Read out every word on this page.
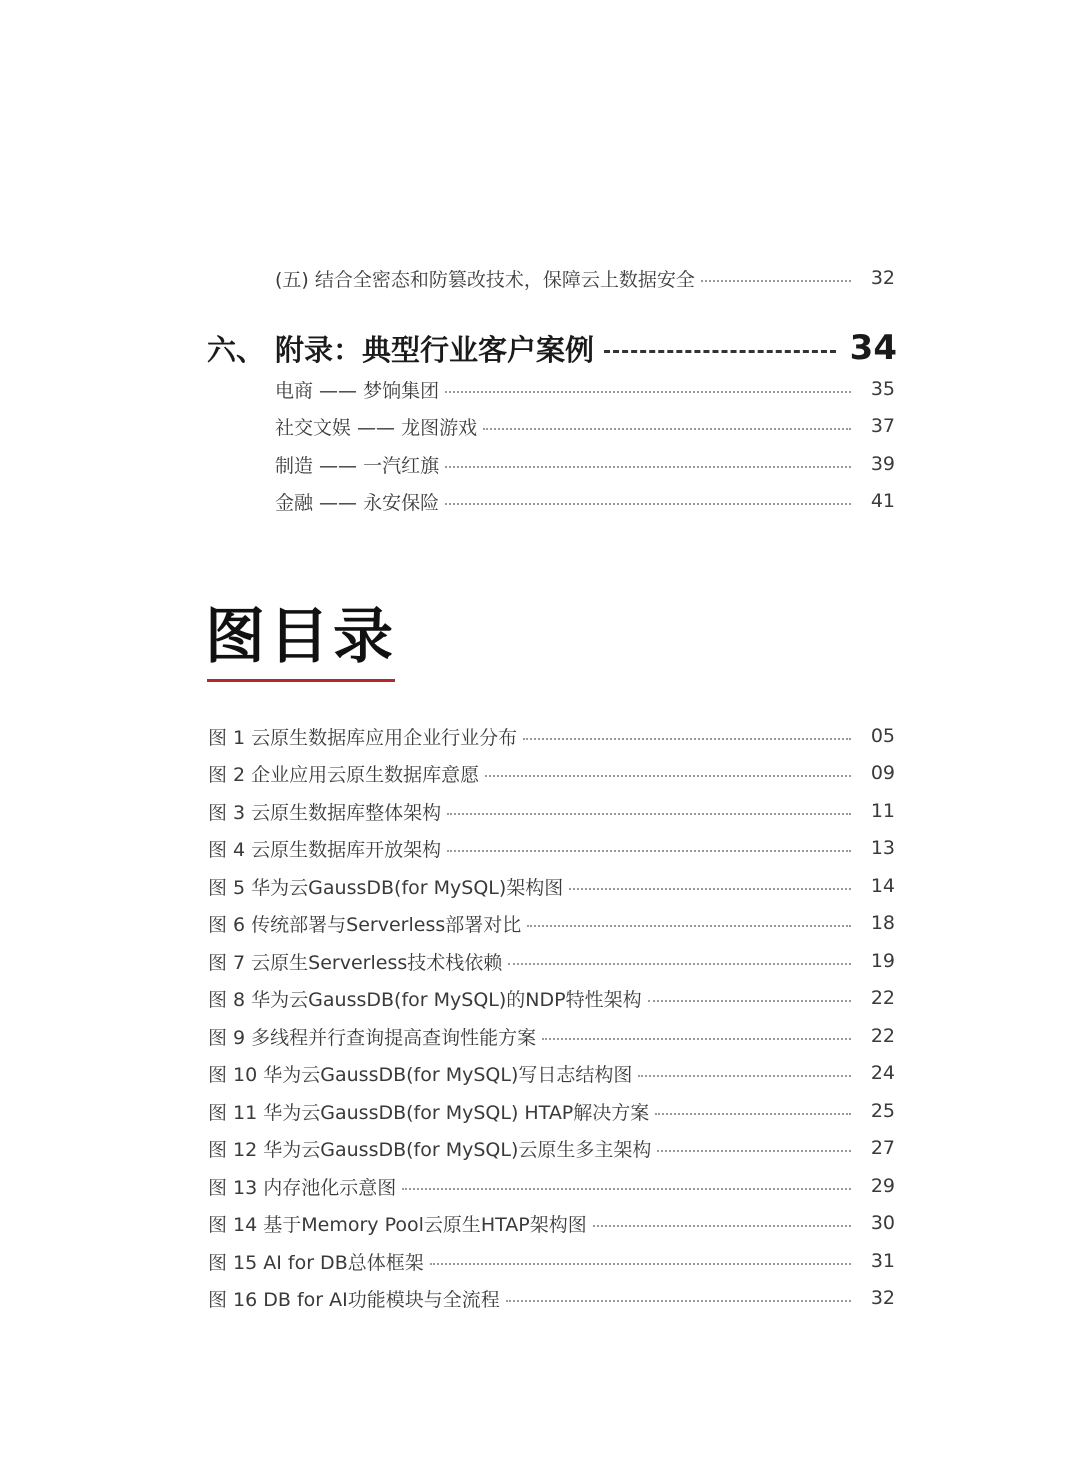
(五) 结合全密态和防篡改技术，保障云上数据安全	32
六、 附录：典型行业客户案例	34
电商 —— 梦饷集团	35
社交文娱 —— 龙图游戏	37
制造 —— 一汽红旗	39
金融 —— 永安保险	41
图目录
图 1 云原生数据库应用企业行业分布	05
图 2 企业应用云原生数据库意愿	09
图 3 云原生数据库整体架构	11
图 4 云原生数据库开放架构	13
图 5 华为云GaussDB(for MySQL)架构图	14
图 6 传统部署与Serverless部署对比	18
图 7 云原生Serverless技术栈依赖	19
图 8 华为云GaussDB(for MySQL)的NDP特性架构	22
图 9 多线程并行查询提高查询性能方案	22
图 10 华为云GaussDB(for MySQL)写日志结构图	24
图 11 华为云GaussDB(for MySQL) HTAP解决方案	25
图 12 华为云GaussDB(for MySQL)云原生多主架构	27
图 13 内存池化示意图	29
图 14 基于Memory Pool云原生HTAP架构图	30
图 15 AI for DB总体框架	31
图 16 DB for AI功能模块与全流程	32
